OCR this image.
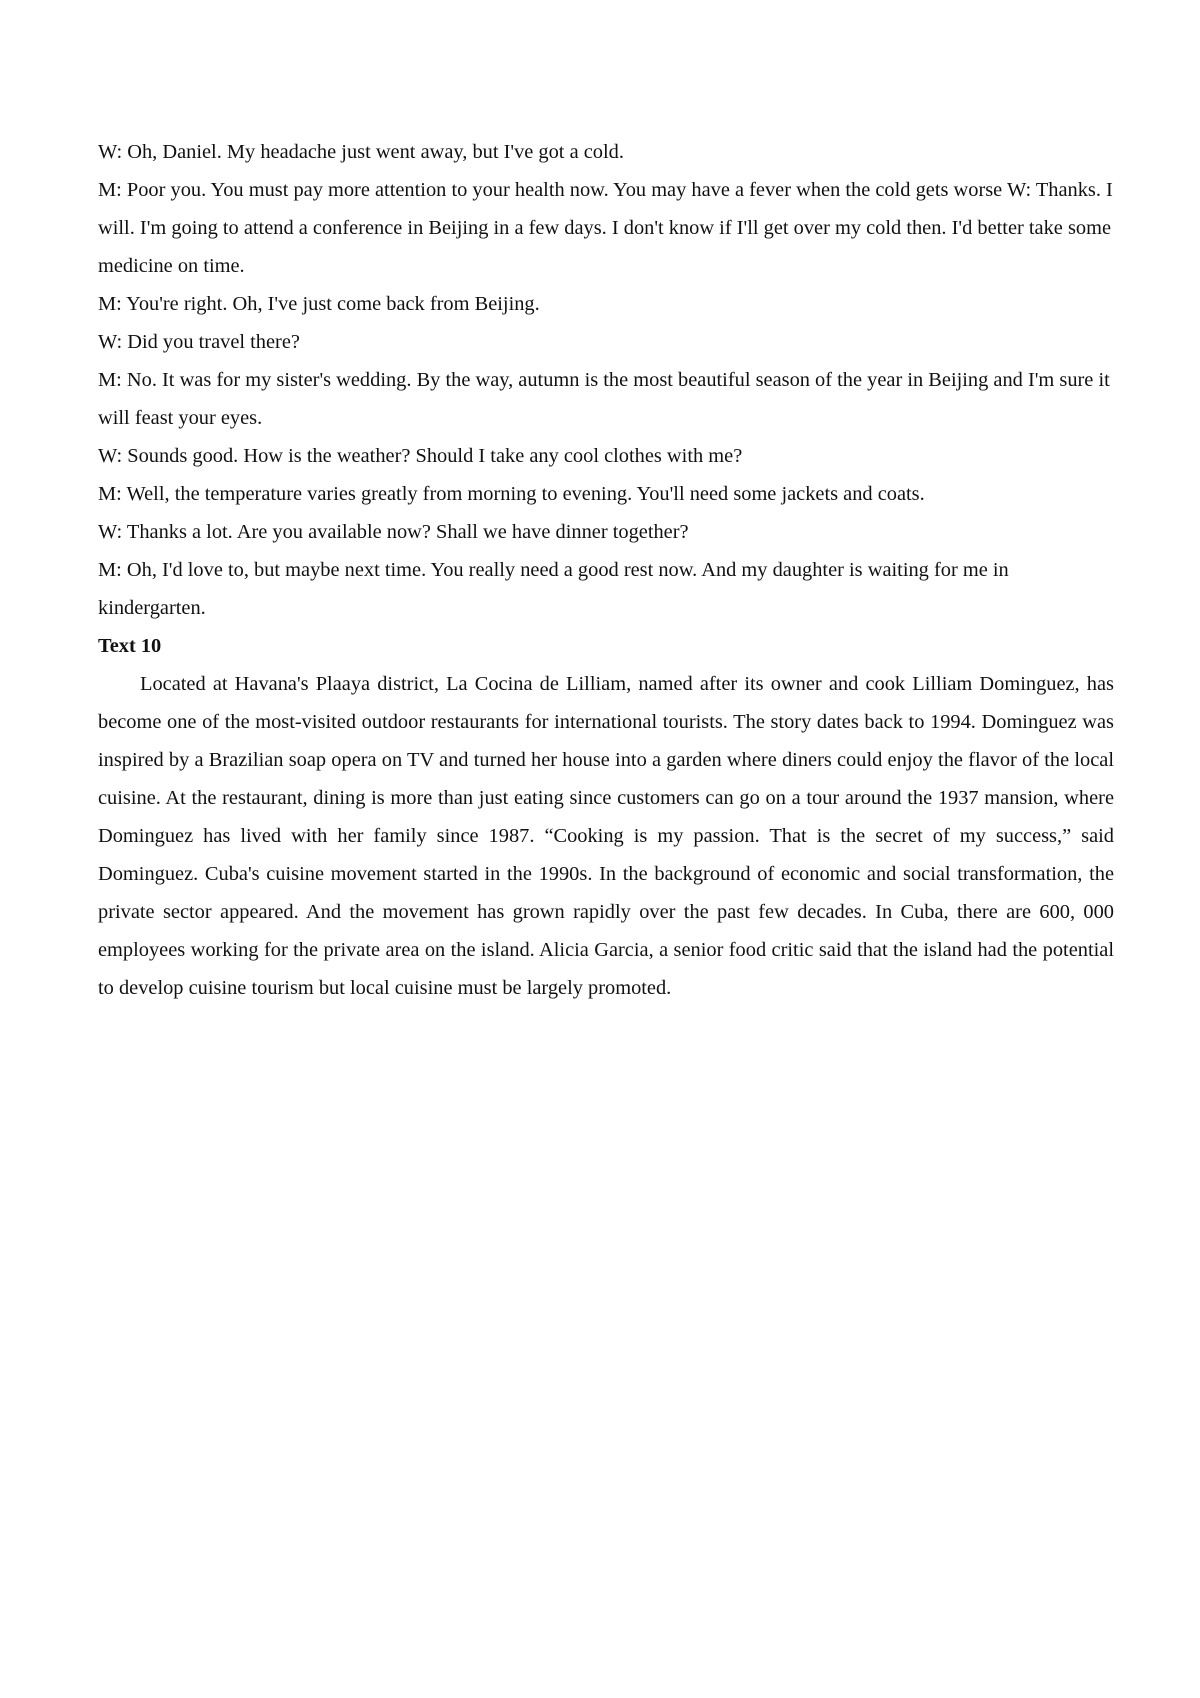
W: Oh, Daniel. My headache just went away, but I've got a cold.

M: Poor you. You must pay more attention to your health now. You may have a fever when the cold gets worse W: Thanks. I will. I'm going to attend a conference in Beijing in a few days. I don't know if I'll get over my cold then. I'd better take some medicine on time.

M: You're right. Oh, I've just come back from Beijing.

W: Did you travel there?

M: No. It was for my sister's wedding. By the way, autumn is the most beautiful season of the year in Beijing and I'm sure it will feast your eyes.

W: Sounds good. How is the weather? Should I take any cool clothes with me?

M: Well, the temperature varies greatly from morning to evening. You'll need some jackets and coats.

W: Thanks a lot. Are you available now? Shall we have dinner together?

M: Oh, I'd love to, but maybe next time. You really need a good rest now. And my daughter is waiting for me in kindergarten.

Text 10

Located at Havana's Plaaya district, La Cocina de Lilliam, named after its owner and cook Lilliam Dominguez, has become one of the most-visited outdoor restaurants for international tourists. The story dates back to 1994. Dominguez was inspired by a Brazilian soap opera on TV and turned her house into a garden where diners could enjoy the flavor of the local cuisine. At the restaurant, dining is more than just eating since customers can go on a tour around the 1937 mansion, where Dominguez has lived with her family since 1987. “Cooking is my passion. That is the secret of my success,” said Dominguez. Cuba's cuisine movement started in the 1990s. In the background of economic and social transformation, the private sector appeared. And the movement has grown rapidly over the past few decades. In Cuba, there are 600, 000 employees working for the private area on the island. Alicia Garcia, a senior food critic said that the island had the potential to develop cuisine tourism but local cuisine must be largely promoted.
